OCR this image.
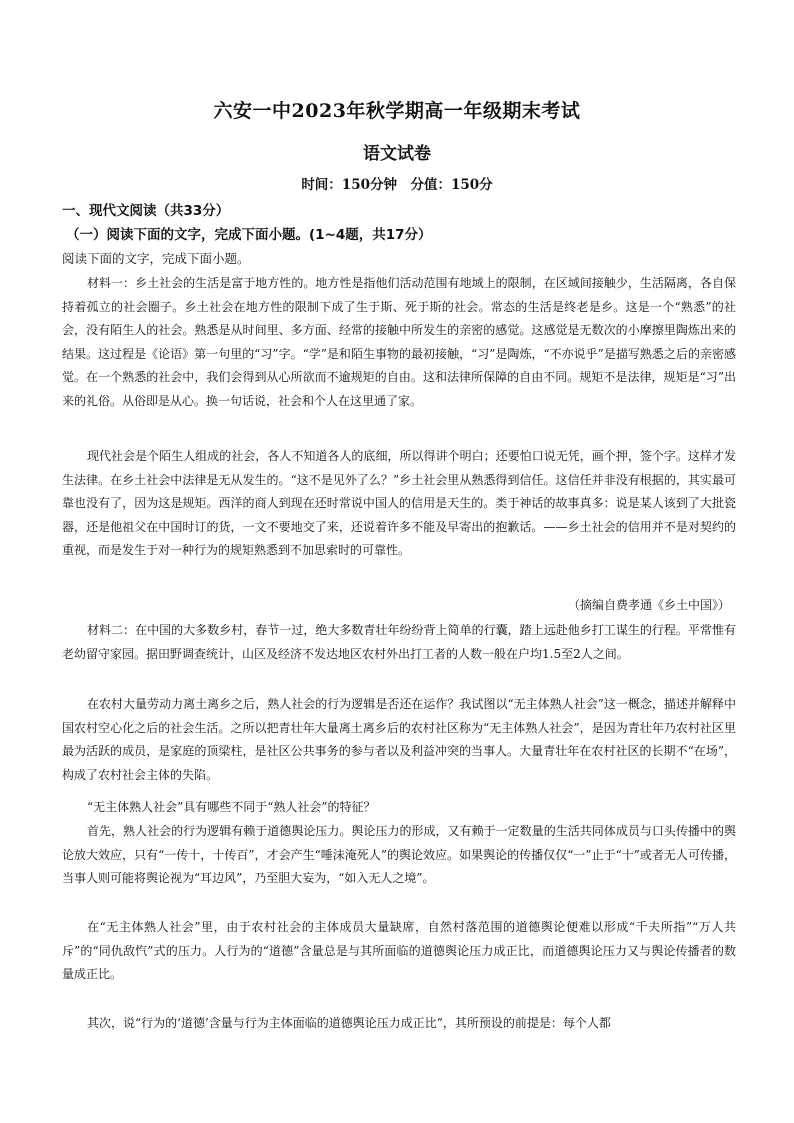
六安一中2023年秋学期高一年级期末考试
语文试卷
时间：150分钟　分值：150分
一、现代文阅读（共33分）
（一）阅读下面的文字，完成下面小题。(1~4题，共17分）
阅读下面的文字，完成下面小题。

材料一：乡土社会的生活是富于地方性的。地方性是指他们活动范围有地域上的限制，在区域间接触少，生活隔离，各自保持着孤立的社会圈子。乡土社会在地方性的限制下成了生于斯、死于斯的社会。常态的生活是终老是乡。这是一个“熟悉”的社会，没有陌生人的社会。熟悉是从时间里、多方面、经常的接触中所发生的亲密的感觉。这感觉是无数次的小摩擦里陶炼出来的结果。这过程是《论语》第一句里的“习”字。“学”是和陌生事物的最初接触，“习”是陶炼，“不亦说乎”是描写熟悉之后的亲密感觉。在一个熟悉的社会中，我们会得到从心所欲而不逾规矩的自由。这和法律所保障的自由不同。规矩不是法律，规矩是“习”出来的礼俗。从俗即是从心。换一句话说，社会和个人在这里通了家。

现代社会是个陌生人组成的社会，各人不知道各人的底细，所以得讲个明白；还要怕口说无凭，画个押，签个字。这样才发生法律。在乡土社会中法律是无从发生的。“这不是见外了么？”乡土社会里从熟悉得到信任。这信任并非没有根据的，其实最可靠也没有了，因为这是规矩。西洋的商人到现在还时常说中国人的信用是天生的。类于神话的故事真多：说是某人该到了大批瓷器，还是他祖父在中国时订的货，一文不要地交了来，还说着许多不能及早寄出的抱歉话。——乡土社会的信用并不是对契约的重视，而是发生于对一种行为的规矩熟悉到不加思索时的可靠性。

（摘编自费孝通《乡土中国》）

材料二：在中国的大多数乡村，春节一过，绝大多数青壮年纷纷背上简单的行囊，踏上远赴他乡打工谋生的行程。平常惟有老幼留守家园。据田野调查统计，山区及经济不发达地区农村外出打工者的人数一般在户均1.5至2人之间。

在农村大量劳动力离土离乡之后，熟人社会的行为逻辑是否还在运作？我试图以“无主体熟人社会”这一概念，描述并解释中国农村空心化之后的社会生活。之所以把青壮年大量离土离乡后的农村社区称为“无主体熟人社会”，是因为青壮年乃农村社区里最为活跃的成员，是家庭的顶梁柱，是社区公共事务的参与者以及利益冲突的当事人。大量青壮年在农村社区的长期不“在场”，构成了农村社会主体的失陷。

“无主体熟人社会”具有哪些不同于“熟人社会”的特征？

首先，熟人社会的行为逻辑有赖于道德舆论压力。舆论压力的形成，又有赖于一定数量的生活共同体成员与口头传播中的舆论放大效应，只有“一传十，十传百”，才会产生“唾沫淹死人”的舆论效应。如果舆论的传播仅仅“一”止于“十”或者无人可传播，当事人则可能将舆论视为“耳边风”，乃至胆大妄为，“如入无人之境”。

在“无主体熟人社会”里，由于农村社会的主体成员大量缺席，自然村落范围的道德舆论便难以形成“千夫所指”“万人共斥”的“同仇敌忾”式的压力。人行为的“道德”含量总是与其所面临的道德舆论压力成正比，而道德舆论压力又与舆论传播者的数量成正比。

其次，说“行为的‘道德’含量与行为主体面临的道德舆论压力成正比”，其所预设的前提是：每个人都
